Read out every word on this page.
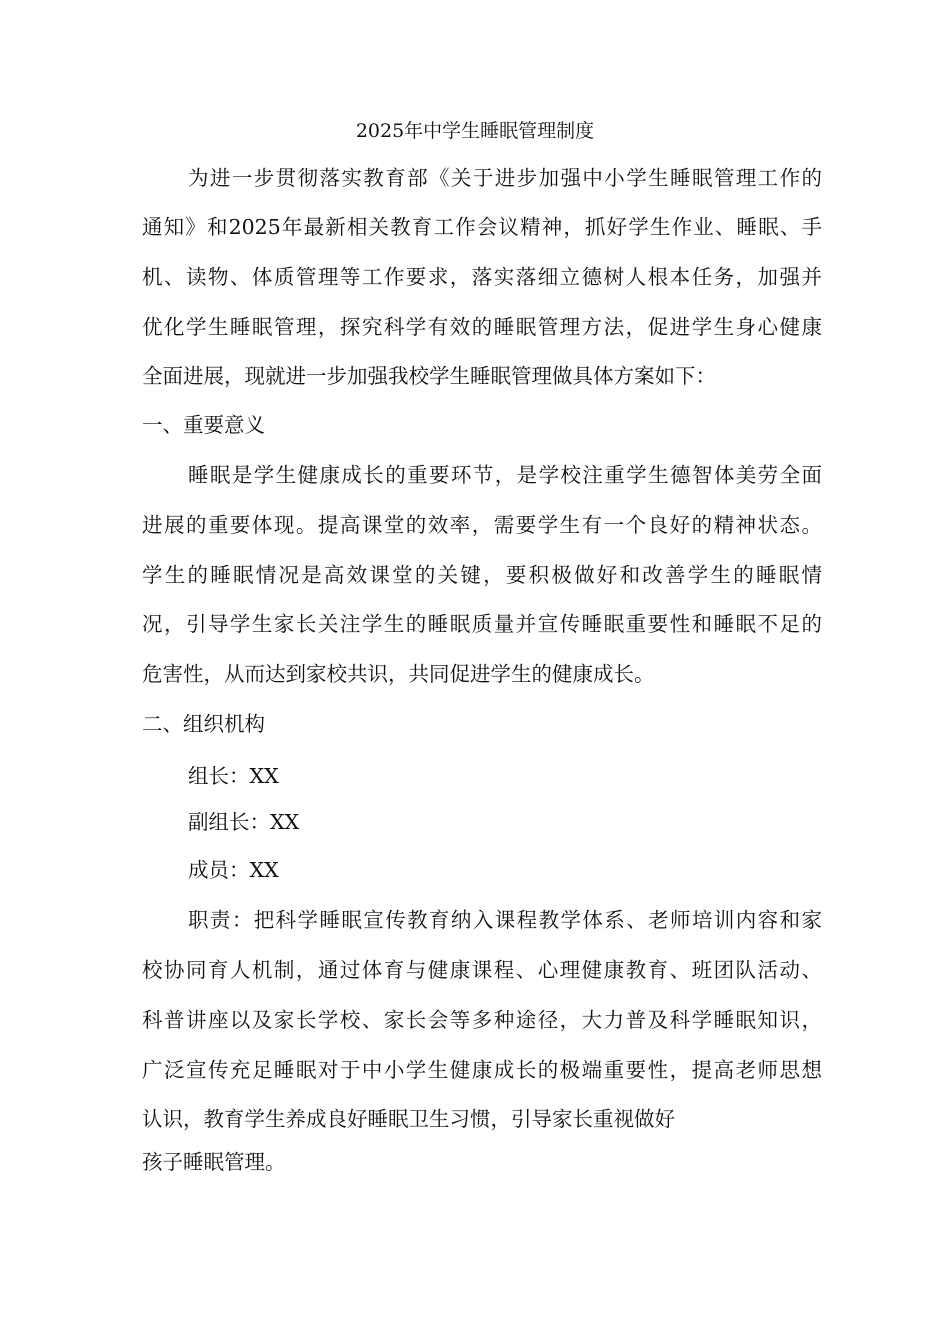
2025年中学生睡眠管理制度
为进一步贯彻落实教育部《关于进步加强中小学生睡眠管理工作的
通知》和2025年最新相关教育工作会议精神，抓好学生作业、睡眠、手
机、读物、体质管理等工作要求，落实落细立德树人根本任务，加强并
优化学生睡眠管理，探究科学有效的睡眠管理方法，促进学生身心健康
全面进展，现就进一步加强我校学生睡眠管理做具体方案如下：
一、重要意义
睡眠是学生健康成长的重要环节，是学校注重学生德智体美劳全面
进展的重要体现。提高课堂的效率，需要学生有一个良好的精神状态。
学生的睡眠情况是高效课堂的关键，要积极做好和改善学生的睡眠情
况，引导学生家长关注学生的睡眠质量并宣传睡眠重要性和睡眠不足的
危害性，从而达到家校共识，共同促进学生的健康成长。
二、组织机构
组长：XX
副组长：XX
成员：XX
职责：把科学睡眠宣传教育纳入课程教学体系、老师培训内容和家
校协同育人机制，通过体育与健康课程、心理健康教育、班团队活动、
科普讲座以及家长学校、家长会等多种途径，大力普及科学睡眠知识，
广泛宣传充足睡眠对于中小学生健康成长的极端重要性，提高老师思想
认识，教育学生养成良好睡眠卫生习惯，引导家长重视做好
孩子睡眠管理。
